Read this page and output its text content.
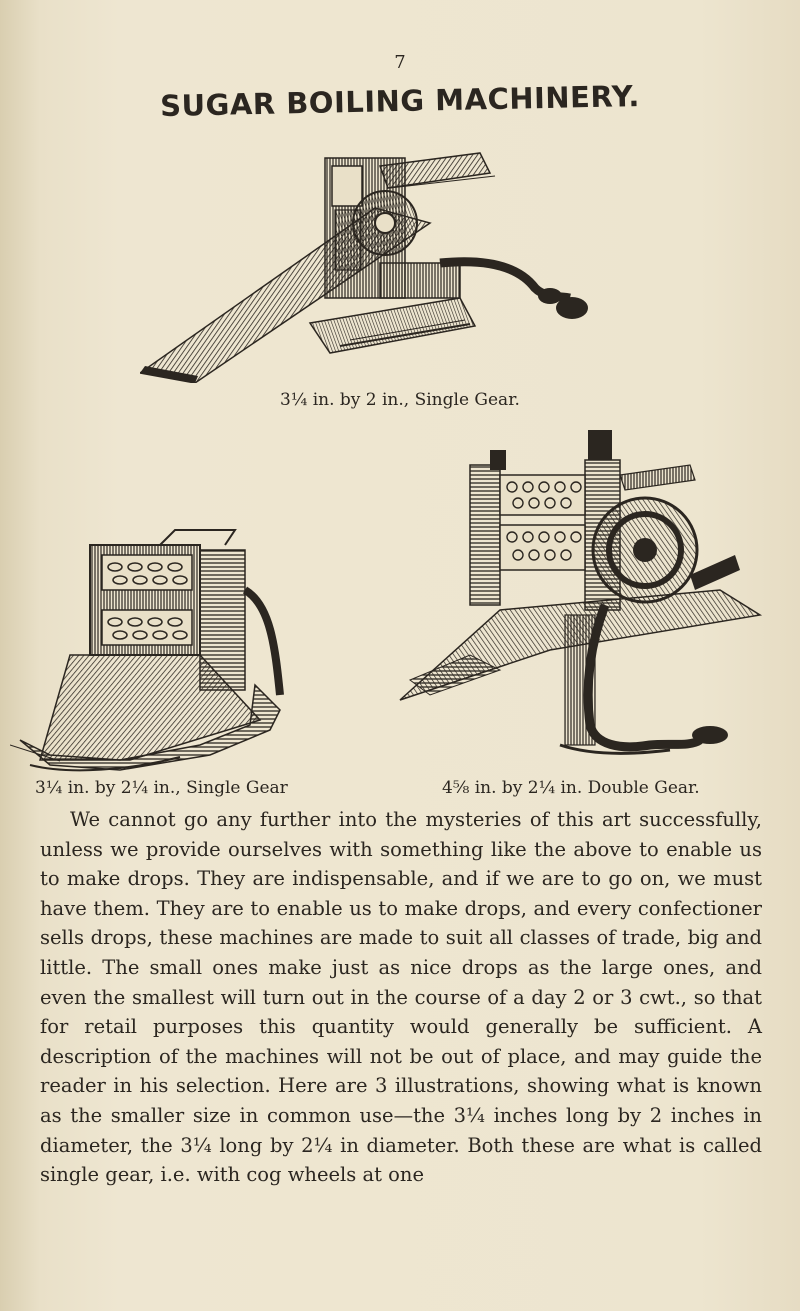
7
SUGAR BOILING MACHINERY.
3¼ in. by 2 in., Single Gear.
3¼ in. by 2¼ in., Single Gear	4⅝ in. by 2¼ in. Double Gear.

We cannot go any further into the mysteries of this art successfully, unless we provide ourselves with something like the above to enable us to make drops. They are indispensable, and if we are to go on, we must have them. They are to enable us to make drops, and every confectioner sells drops, these machines are made to suit all classes of trade, big and little. The small ones make just as nice drops as the large ones, and even the smallest will turn out in the course of a day 2 or 3 cwt., so that for retail purposes this quantity would generally be sufficient. A description of the machines will not be out of place, and may guide the reader in his selection. Here are 3 illustrations, showing what is known as the smaller size in common use—the 3¼ inches long by 2 inches in diameter, the 3¼ long by 2¼ in diameter. Both these are what is called single gear, i.e. with cog wheels at one
